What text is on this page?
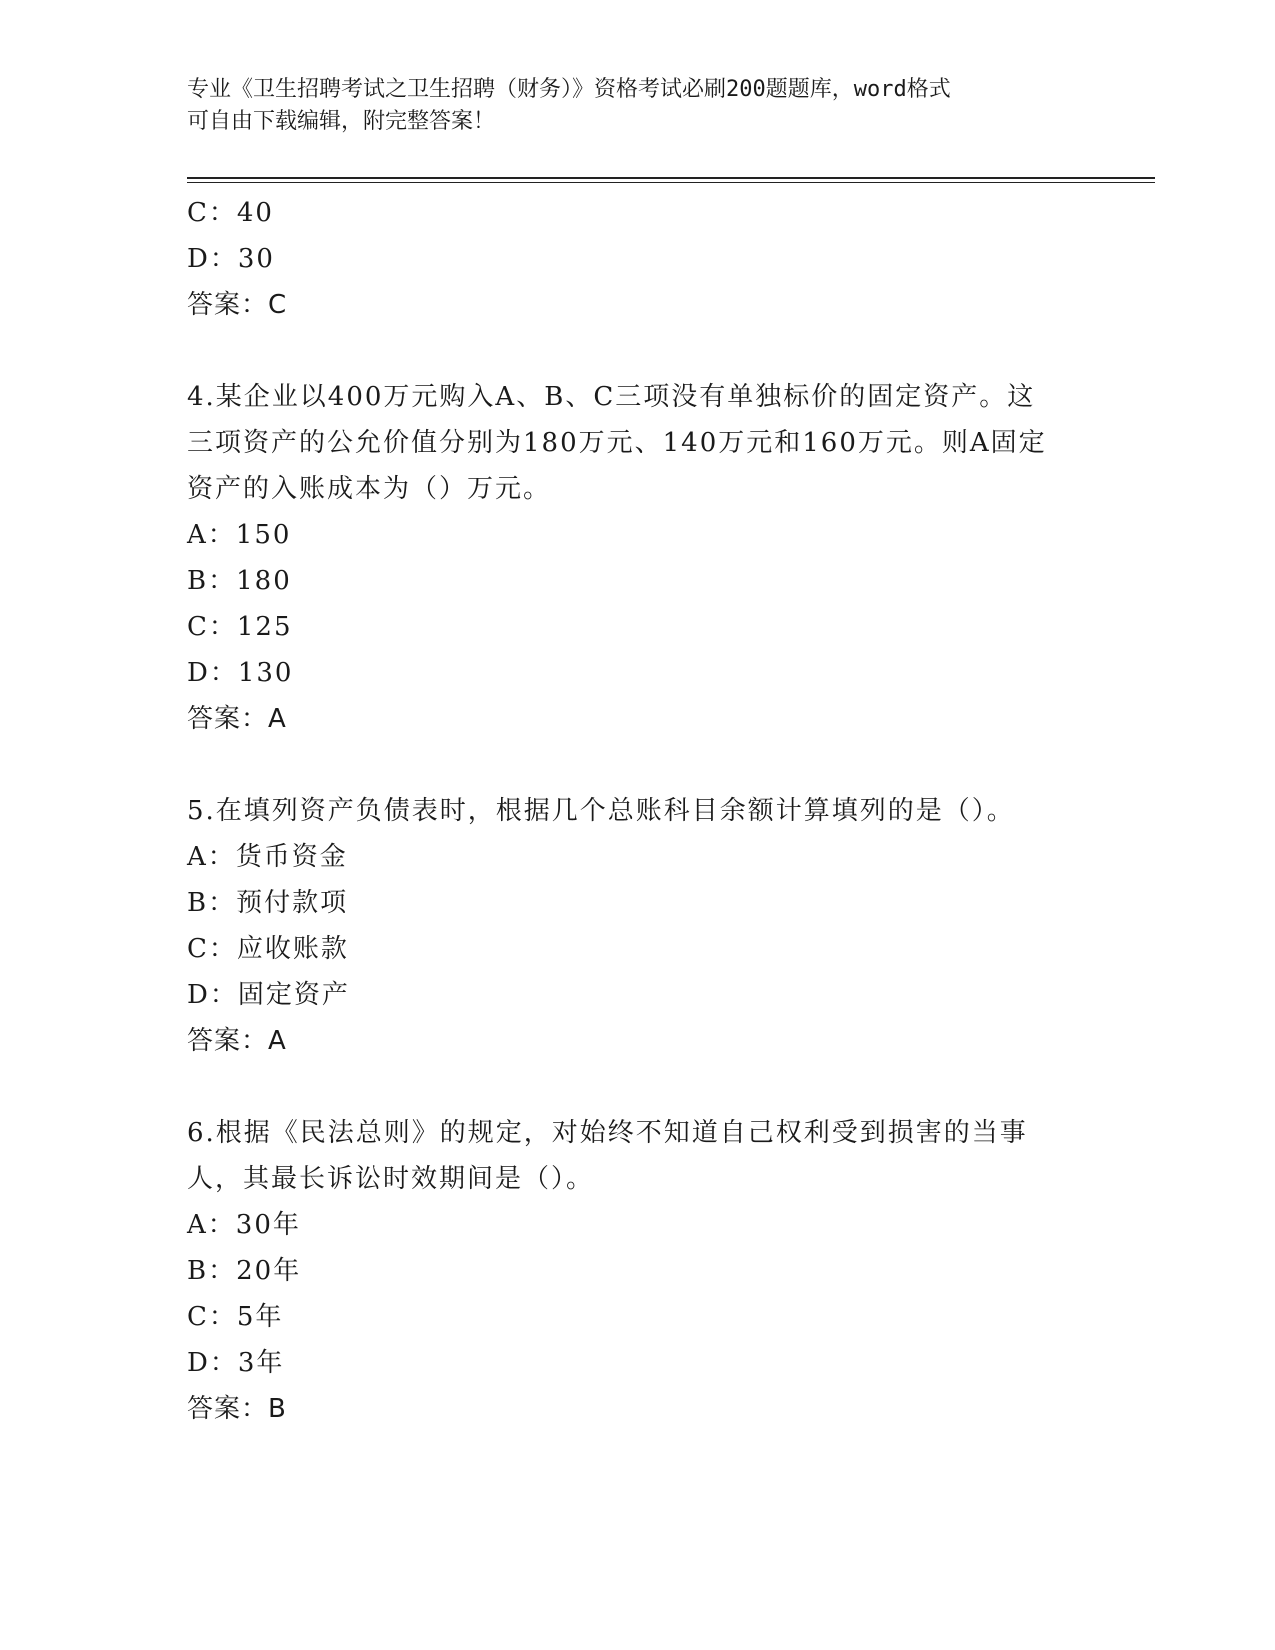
专业《卫生招聘考试之卫生招聘（财务）》资格考试必刷200题题库，word格式
可自由下载编辑，附完整答案！
C：40
D：30
答案：C
4.某企业以400万元购入A、B、C三项没有单独标价的固定资产。这
三项资产的公允价值分别为180万元、140万元和160万元。则A固定
资产的入账成本为（）万元。
A：150
B：180
C：125
D：130
答案：A
5.在填列资产负债表时，根据几个总账科目余额计算填列的是（）。
A：货币资金
B：预付款项
C：应收账款
D：固定资产
答案：A
6.根据《民法总则》的规定，对始终不知道自己权利受到损害的当事
人，其最长诉讼时效期间是（）。
A：30年
B：20年
C：5年
D：3年
答案：B
